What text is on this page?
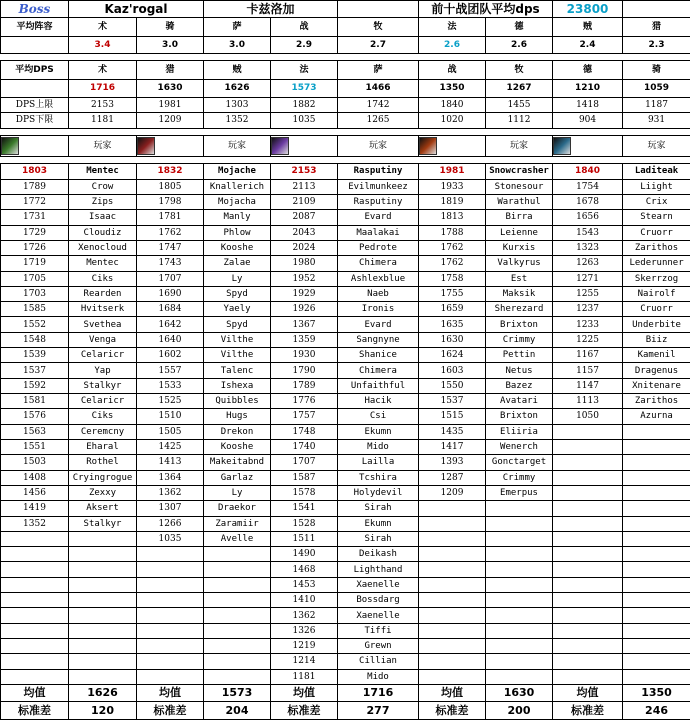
Boss	Kaz'rogal		卡兹洛加			前十战团队平均dps		23800	
平均阵容	术	骑	萨	战	牧	法	德	贼	猎
	3.4	3.0	3.0	2.9	2.7	2.6	2.6	2.4	2.3

平均DPS	术	猎	贼	法	萨	战	牧	德	骑
	1716	1630	1626	1573	1466	1350	1267	1210	1059
DPS上限	2153	1981	1303	1882	1742	1840	1455	1418	1187
DPS下限	1181	1209	1352	1035	1265	1020	1112	904	931

	玩家		玩家		玩家		玩家		玩家

1803	Mentec	1832	Mojache	2153	Rasputiny	1981	Snowcrasher	1840	Laditeak
1789	Crow	1805	Knallerich	2113	Evilmunkeez	1933	Stonesour	1754	Liight
1772	Zips	1798	Mojacha	2109	Rasputiny	1819	Warathul	1678	Crix
1731	Isaac	1781	Manly	2087	Evard	1813	Birra	1656	Stearn
1729	Cloudiz	1762	Phlow	2043	Maalakai	1788	Leienne	1543	Cruorr
1726	Xenocloud	1747	Kooshe	2024	Pedrote	1762	Kurxis	1323	Zarithos
1719	Mentec	1743	Zalae	1980	Chimera	1762	Valkyrus	1263	Lederunner
1705	Ciks	1707	Ly	1952	Ashlexblue	1758	Est	1271	Skerrzog
1703	Rearden	1690	Spyd	1929	Naeb	1755	Maksik	1255	Nairolf
1585	Hvitserk	1684	Yaely	1926	Ironis	1659	Sherezard	1237	Cruorr
1552	Svethea	1642	Spyd	1367	Evard	1635	Brixton	1233	Underbite
1548	Venga	1640	Vilthe	1359	Sangnyne	1630	Crimmy	1225	Biiz
1539	Celaricr	1602	Vilthe	1930	Shanice	1624	Pettin	1167	Kamenil
1537	Yap	1557	Talenc	1790	Chimera	1603	Netus	1157	Dragenus
1592	Stalkyr	1533	Ishexa	1789	Unfaithful	1550	Bazez	1147	Xnitenare
1581	Celaricr	1525	Quibbles	1776	Hacik	1537	Avatari	1113	Zarithos
1576	Ciks	1510	Hugs	1757	Csi	1515	Brixton	1050	Azurna
1563	Ceremcny	1505	Drekon	1748	Ekumn	1435	Eliiria		
1551	Eharal	1425	Kooshe	1740	Mido	1417	Wenerch		
1503	Rothel	1413	Makeitabnd	1707	Lailla	1393	Gonctarget		
1408	Cryingrogue	1364	Garlaz	1587	Tcshira	1287	Crimmy		
1456	Zexxy	1362	Ly	1578	Holydevil	1209	Emerpus		
1419	Aksert	1307	Draekor	1541	Sirah				
1352	Stalkyr	1266	Zaramiir	1528	Ekumn				
		1035	Avelle	1511	Sirah				
				1490	Deikash				
				1468	Lighthand				
				1453	Xaenelle				
				1410	Bossdarg				
				1362	Xaenelle				
				1326	Tiffi				
				1219	Grewn				
				1214	Cillian				
				1181	Mido				
均值	1626	均值	1573	均值	1716	均值	1630	均值	1350
标准差	120	标准差	204	标准差	277	标准差	200	标准差	246
